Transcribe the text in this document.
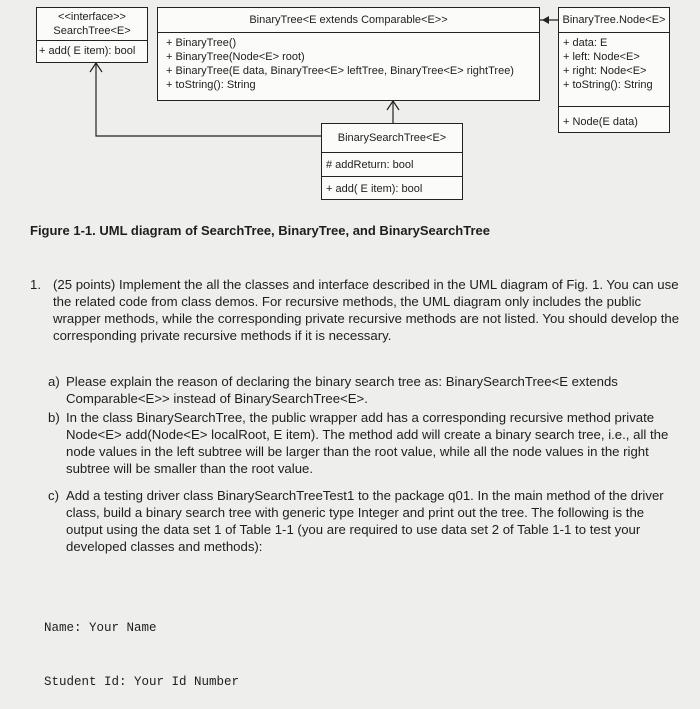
<<interface>>
SearchTree<E>
+ add( E item): bool
BinaryTree<E extends Comparable<E>>
+ BinaryTree()
+ BinaryTree(Node<E> root)
+ BinaryTree(E data, BinaryTree<E> leftTree, BinaryTree<E> rightTree)
+ toString(): String
BinaryTree.Node<E>
+ data: E
+ left: Node<E>
+ right: Node<E>
+ toString(): String
+ Node(E data)
BinarySearchTree<E>
# addReturn: bool
+ add( E item): bool
Figure 1-1. UML diagram of SearchTree, BinaryTree, and BinarySearchTree
1. (25 points) Implement the all the classes and interface described in the UML diagram of Fig. 1. You can use the related code from class demos. For recursive methods, the UML diagram only includes the public wrapper methods, while the corresponding private recursive methods are not listed. You should develop the corresponding private recursive methods if it is necessary.
a) Please explain the reason of declaring the binary search tree as: BinarySearchTree<E extends Comparable<E>> instead of BinarySearchTree<E>.
b) In the class BinarySearchTree, the public wrapper add has a corresponding recursive method private Node<E> add(Node<E> localRoot, E item). The method add will create a binary search tree, i.e., all the node values in the left subtree will be larger than the root value, while all the node values in the right subtree will be smaller than the root value.
c) Add a testing driver class BinarySearchTreeTest1 to the package q01. In the main method of the driver class, build a binary search tree with generic type Integer and print out the tree. The following is the output using the data set 1 of Table 1-1 (you are required to use data set 2 of Table 1-1 to test your developed classes and methods):

Name: Your Name

Student Id: Your Id Number
